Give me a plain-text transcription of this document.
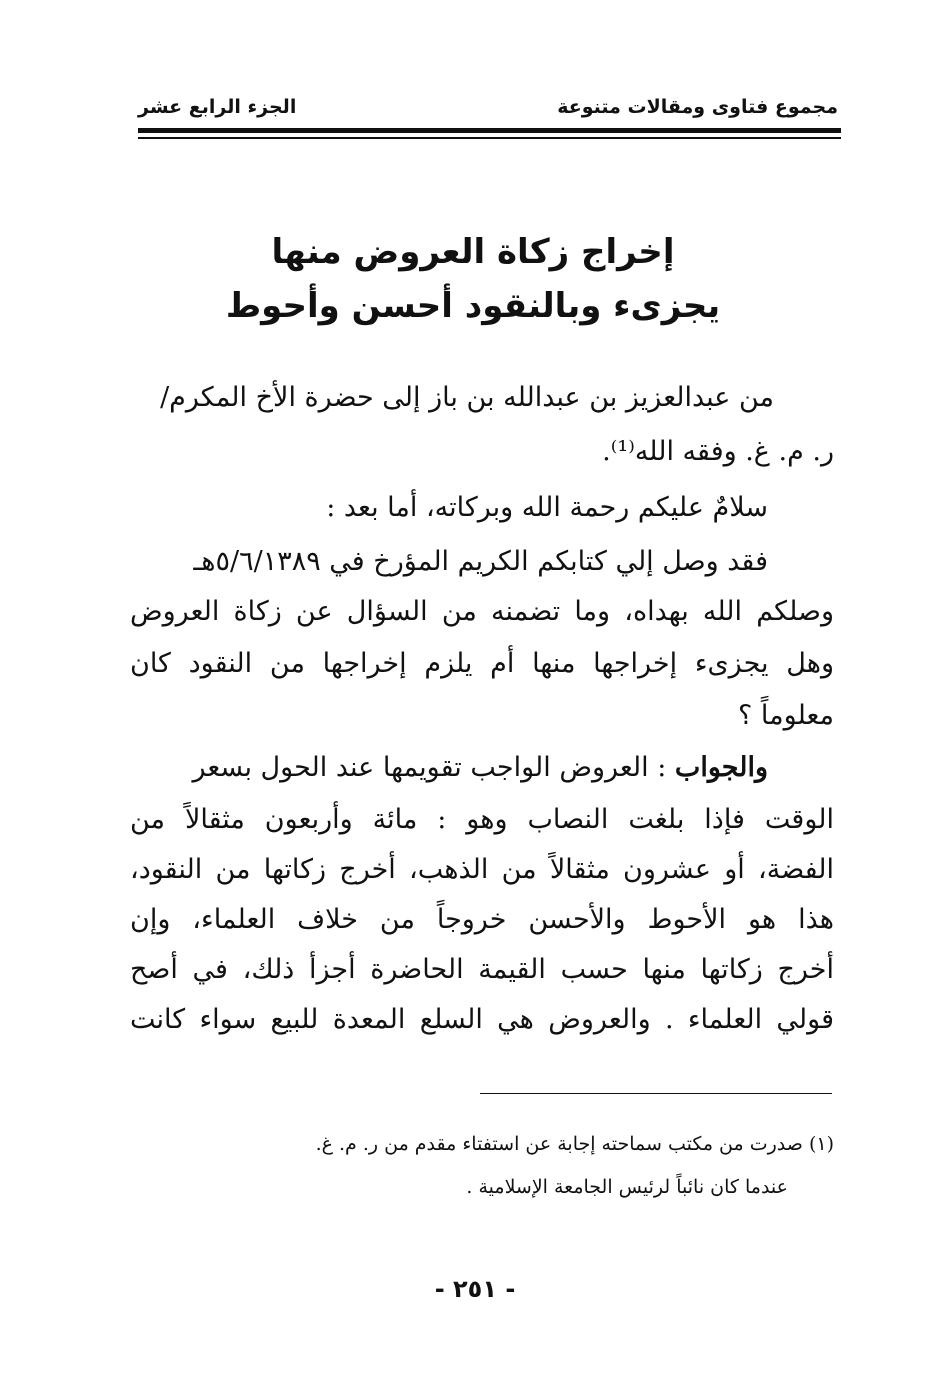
مجموع فتاوى ومقالات متنوعة
الجزء الرابع عشر
إخراج زكاة العروض منها
يجزىء وبالنقود أحسن وأحوط
من عبدالعزيز بن عبدالله بن باز إلى حضرة الأخ المكرم/
ر. م. غ. وفقه الله⁽¹⁾.
سلامٌ عليكم رحمة الله وبركاته، أما بعد :
فقد وصل إلي كتابكم الكريم المؤرخ في ٥/٦/١٣٨٩هـ
وصلكم الله بهداه، وما تضمنه من السؤال عن زكاة العروض
وهل يجزىء إخراجها منها أم يلزم إخراجها من النقود كان
معلوماً ؟
والجواب : العروض الواجب تقويمها عند الحول بسعر
الوقت فإذا بلغت النصاب وهو : مائة وأربعون مثقالاً من
الفضة، أو عشرون مثقالاً من الذهب، أخرج زكاتها من النقود،
هذا هو الأحوط والأحسن خروجاً من خلاف العلماء، وإن
أخرج زكاتها منها حسب القيمة الحاضرة أجزأ ذلك، في أصح
قولي العلماء . والعروض هي السلع المعدة للبيع سواء كانت
(١) صدرت من مكتب سماحته إجابة عن استفتاء مقدم من ر. م. غ.
عندما كان نائباً لرئيس الجامعة الإسلامية .
- ٢٥١ -
